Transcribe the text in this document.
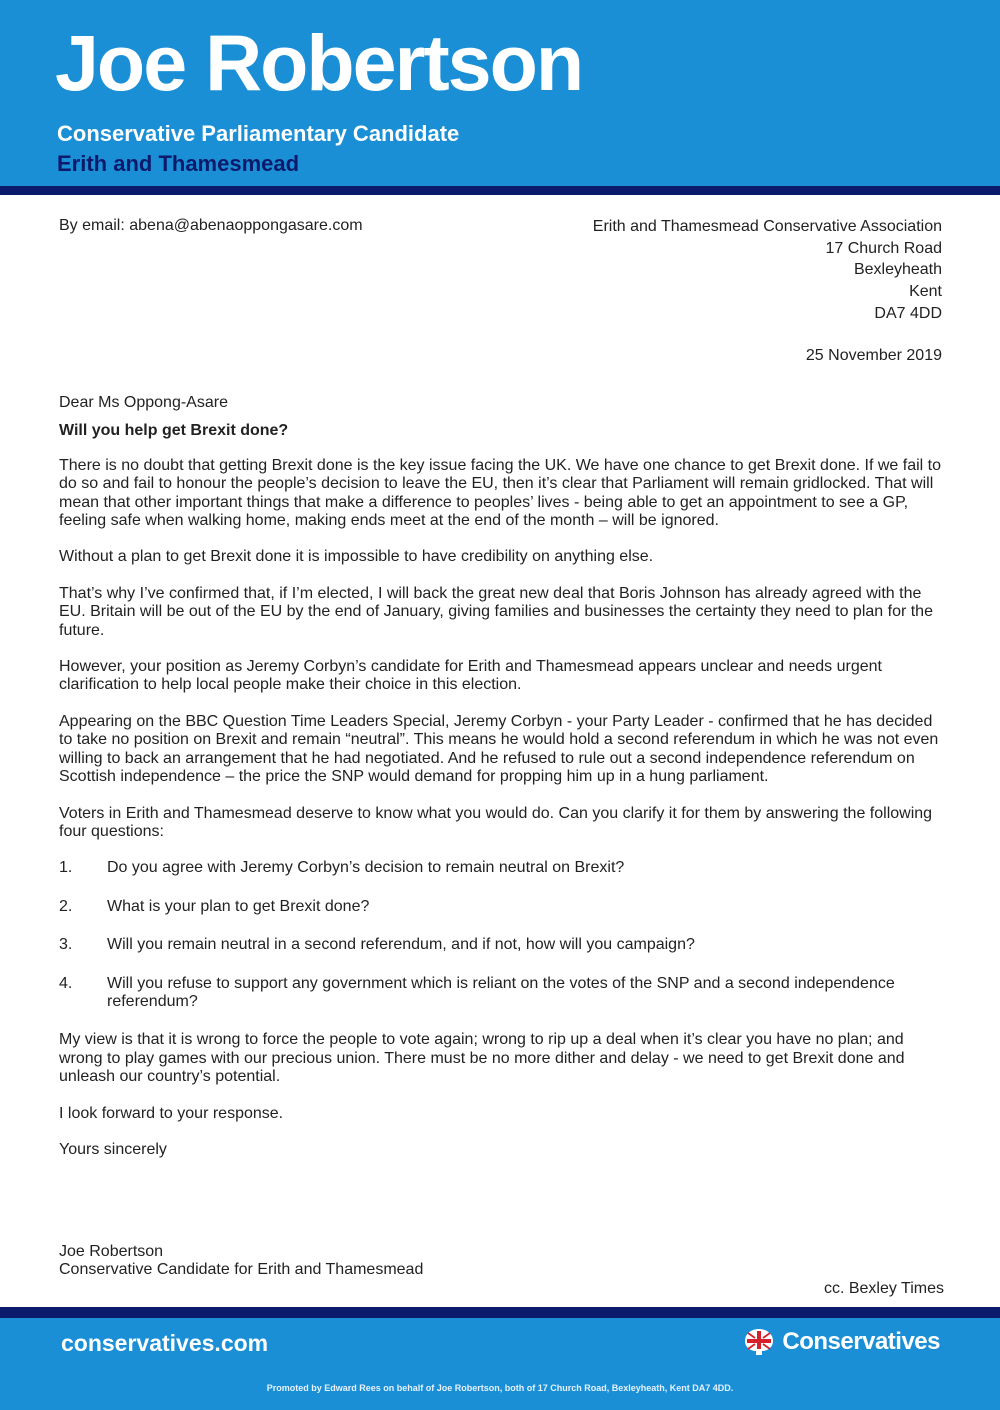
Joe Robertson
Conservative Parliamentary Candidate
Erith and Thamesmead
By email: abena@abenaoppongasare.com	Erith and Thamesmead Conservative Association
17 Church Road
Bexleyheath
Kent
DA7 4DD
25 November 2019

Dear Ms Oppong-Asare

Will you help get Brexit done?

There is no doubt that getting Brexit done is the key issue facing the UK. We have one chance to get Brexit done. If we fail to do so and fail to honour the people’s decision to leave the EU, then it’s clear that Parliament will remain gridlocked. That will mean that other important things that make a difference to peoples’ lives - being able to get an appointment to see a GP, feeling safe when walking home, making ends meet at the end of the month – will be ignored.

Without a plan to get Brexit done it is impossible to have credibility on anything else.

That’s why I’ve confirmed that, if I’m elected, I will back the great new deal that Boris Johnson has already agreed with the EU. Britain will be out of the EU by the end of January, giving families and businesses the certainty they need to plan for the future.

However, your position as Jeremy Corbyn’s candidate for Erith and Thamesmead appears unclear and needs urgent clarification to help local people make their choice in this election.

Appearing on the BBC Question Time Leaders Special, Jeremy Corbyn - your Party Leader - confirmed that he has decided to take no position on Brexit and remain “neutral”. This means he would hold a second referendum in which he was not even willing to back an arrangement that he had negotiated. And he refused to rule out a second independence referendum on Scottish independence – the price the SNP would demand for propping him up in a hung parliament.

Voters in Erith and Thamesmead deserve to know what you would do. Can you clarify it for them by answering the following four questions:

1.	Do you agree with Jeremy Corbyn’s decision to remain neutral on Brexit?
2.	What is your plan to get Brexit done?
3.	Will you remain neutral in a second referendum, and if not, how will you campaign?
4.	Will you refuse to support any government which is reliant on the votes of the SNP and a second independence referendum?

My view is that it is wrong to force the people to vote again; wrong to rip up a deal when it’s clear you have no plan; and wrong to play games with our precious union. There must be no more dither and delay - we need to get Brexit done and unleash our country’s potential.

I look forward to your response.

Yours sincerely

Joe Robertson
Conservative Candidate for Erith and Thamesmead
cc. Bexley Times
conservatives.com	Conservatives
Promoted by Edward Rees on behalf of Joe Robertson, both of 17 Church Road, Bexleyheath, Kent DA7 4DD.
